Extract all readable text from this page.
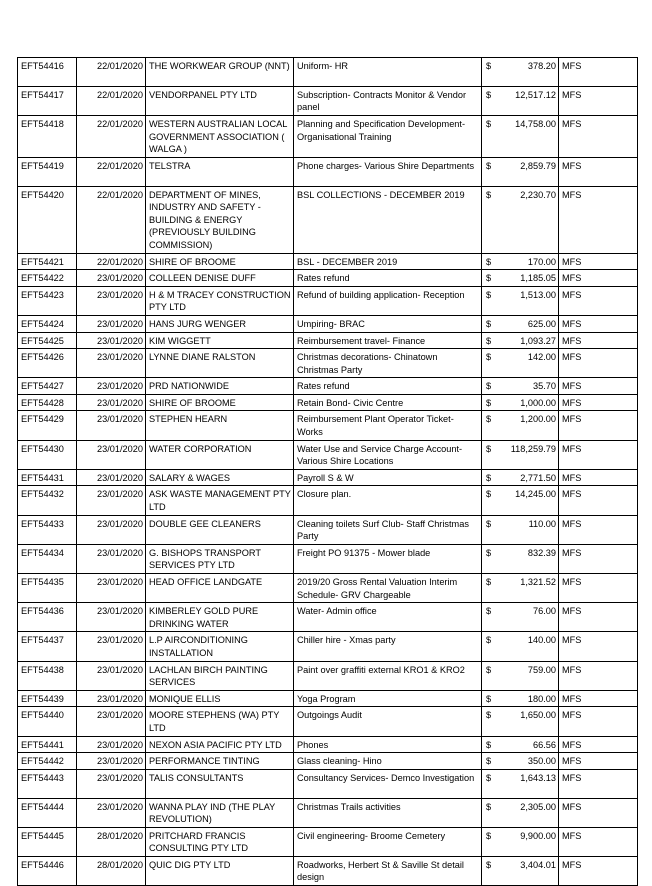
EFT54416	22/01/2020	THE WORKWEAR GROUP (NNT)	Uniform- HR	$ 378.20	MFS
EFT54417	22/01/2020	VENDORPANEL PTY LTD	Subscription- Contracts Monitor & Vendor panel	$ 12,517.12	MFS
EFT54418	22/01/2020	WESTERN AUSTRALIAN LOCAL GOVERNMENT ASSOCIATION ( WALGA )	Planning and Specification Development- Organisational Training	$ 14,758.00	MFS
EFT54419	22/01/2020	TELSTRA	Phone charges- Various Shire Departments	$ 2,859.79	MFS
EFT54420	22/01/2020	DEPARTMENT OF MINES, INDUSTRY AND SAFETY - BUILDING & ENERGY (PREVIOUSLY BUILDING COMMISSION)	BSL COLLECTIONS - DECEMBER 2019	$ 2,230.70	MFS
EFT54421	22/01/2020	SHIRE OF BROOME	BSL - DECEMBER 2019	$ 170.00	MFS
EFT54422	23/01/2020	COLLEEN DENISE DUFF	Rates refund	$ 1,185.05	MFS
EFT54423	23/01/2020	H & M TRACEY CONSTRUCTION PTY LTD	Refund of building application- Reception	$ 1,513.00	MFS
EFT54424	23/01/2020	HANS JURG WENGER	Umpiring- BRAC	$ 625.00	MFS
EFT54425	23/01/2020	KIM WIGGETT	Reimbursement travel- Finance	$ 1,093.27	MFS
EFT54426	23/01/2020	LYNNE DIANE RALSTON	Christmas decorations- Chinatown Christmas Party	$ 142.00	MFS
EFT54427	23/01/2020	PRD NATIONWIDE	Rates refund	$ 35.70	MFS
EFT54428	23/01/2020	SHIRE OF BROOME	Retain Bond- Civic Centre	$ 1,000.00	MFS
EFT54429	23/01/2020	STEPHEN HEARN	Reimbursement Plant Operator Ticket- Works	$ 1,200.00	MFS
EFT54430	23/01/2020	WATER CORPORATION	Water Use and Service Charge Account- Various Shire Locations	$ 118,259.79	MFS
EFT54431	23/01/2020	SALARY & WAGES	Payroll S & W	$ 2,771.50	MFS
EFT54432	23/01/2020	ASK WASTE MANAGEMENT PTY LTD	Closure plan.	$ 14,245.00	MFS
EFT54433	23/01/2020	DOUBLE GEE CLEANERS	Cleaning toilets Surf Club- Staff Christmas Party	$ 110.00	MFS
EFT54434	23/01/2020	G. BISHOPS TRANSPORT SERVICES PTY LTD	Freight PO 91375 - Mower blade	$ 832.39	MFS
EFT54435	23/01/2020	HEAD OFFICE LANDGATE	2019/20 Gross Rental Valuation Interim Schedule- GRV Chargeable	$ 1,321.52	MFS
EFT54436	23/01/2020	KIMBERLEY GOLD PURE DRINKING WATER	Water- Admin office	$ 76.00	MFS
EFT54437	23/01/2020	L.P AIRCONDITIONING INSTALLATION	Chiller hire - Xmas party	$ 140.00	MFS
EFT54438	23/01/2020	LACHLAN BIRCH PAINTING SERVICES	Paint over graffiti external KRO1 & KRO2	$ 759.00	MFS
EFT54439	23/01/2020	MONIQUE ELLIS	Yoga Program	$ 180.00	MFS
EFT54440	23/01/2020	MOORE STEPHENS (WA) PTY LTD	Outgoings Audit	$ 1,650.00	MFS
EFT54441	23/01/2020	NEXON ASIA PACIFIC PTY LTD	Phones	$ 66.56	MFS
EFT54442	23/01/2020	PERFORMANCE TINTING	Glass cleaning- Hino	$ 350.00	MFS
EFT54443	23/01/2020	TALIS CONSULTANTS	Consultancy Services- Demco Investigation	$ 1,643.13	MFS
EFT54444	23/01/2020	WANNA PLAY IND (THE PLAY REVOLUTION)	Christmas Trails activities	$ 2,305.00	MFS
EFT54445	28/01/2020	PRITCHARD FRANCIS CONSULTING PTY LTD	Civil engineering- Broome Cemetery	$ 9,900.00	MFS
EFT54446	28/01/2020	QUIC DIG PTY LTD	Roadworks, Herbert St & Saville St detail design	$ 3,404.01	MFS
